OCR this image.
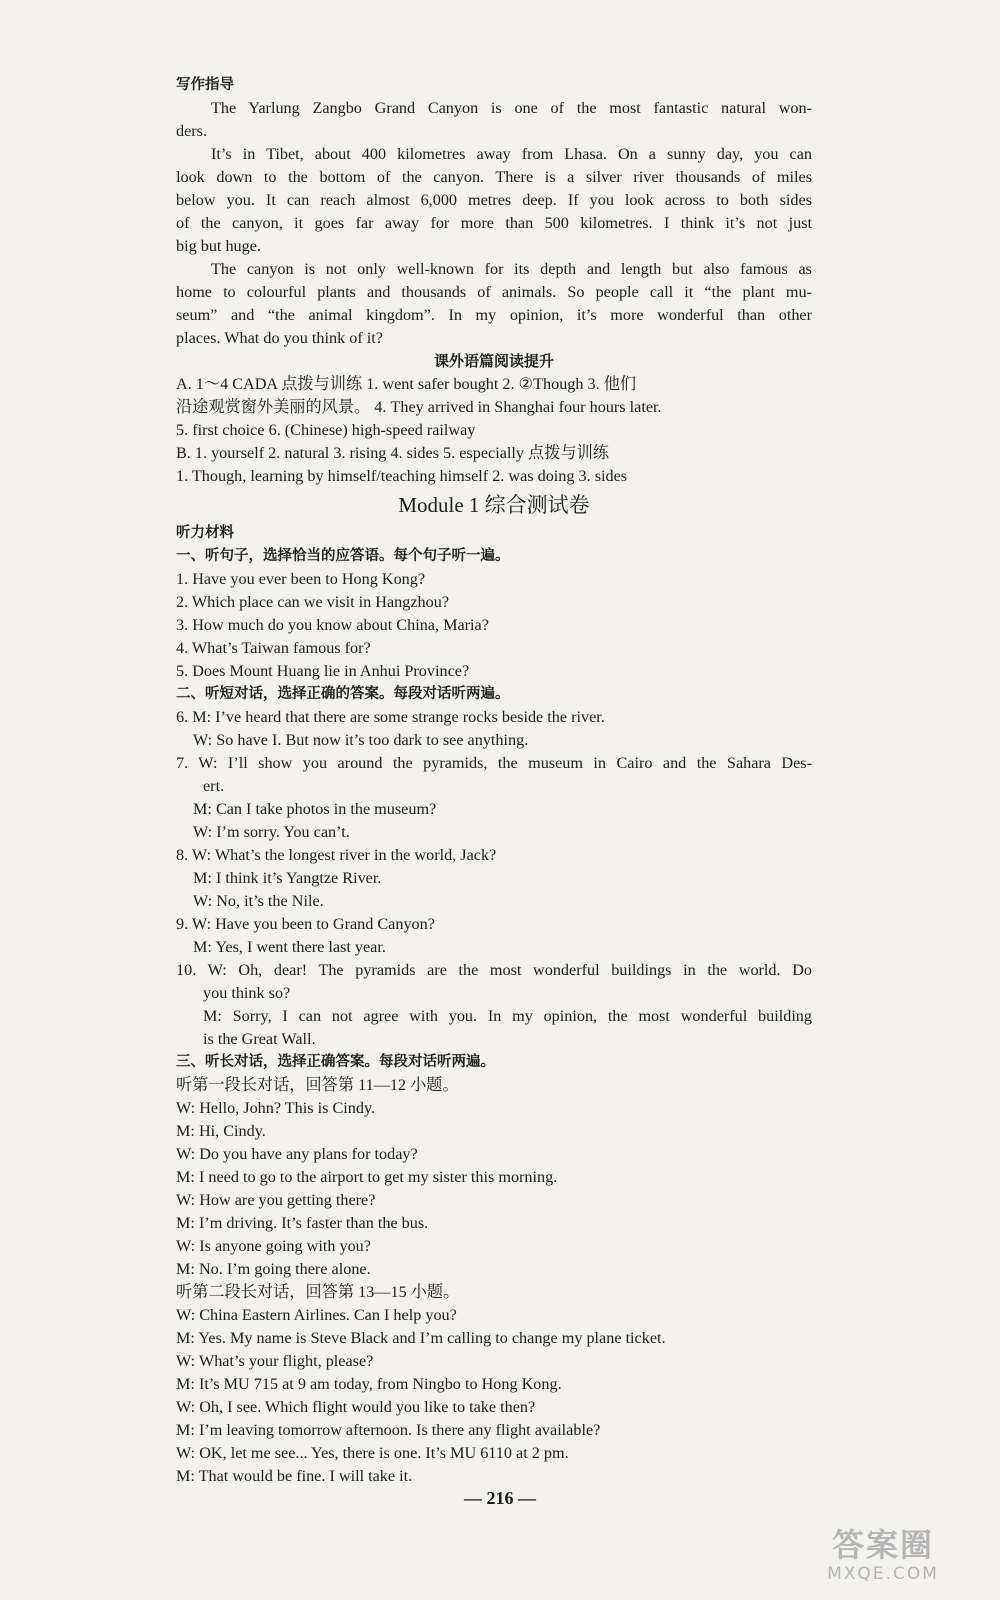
写作指导
The Yarlung Zangbo Grand Canyon is one of the most fantastic natural won-
ders.
It’s in Tibet, about 400 kilometres away from Lhasa. On a sunny day, you can
look down to the bottom of the canyon. There is a silver river thousands of miles
below you. It can reach almost 6,000 metres deep. If you look across to both sides
of the canyon, it goes far away for more than 500 kilometres. I think it’s not just
big but huge.
The canyon is not only well-known for its depth and length but also famous as
home to colourful plants and thousands of animals. So people call it “the plant mu-
seum” and “the animal kingdom”. In my opinion, it’s more wonderful than other
places. What do you think of it?
课外语篇阅读提升
A. 1～4 CADA 点拨与训练 1. went safer bought 2. ②Though 3. 他们
沿途观赏窗外美丽的风景。 4. They arrived in Shanghai four hours later.
5. first choice 6. (Chinese) high-speed railway
B. 1. yourself 2. natural 3. rising 4. sides 5. especially 点拨与训练
1. Though, learning by himself/teaching himself 2. was doing 3. sides
Module 1 综合测试卷
听力材料
一、听句子，选择恰当的应答语。每个句子听一遍。
1. Have you ever been to Hong Kong?
2. Which place can we visit in Hangzhou?
3. How much do you know about China, Maria?
4. What’s Taiwan famous for?
5. Does Mount Huang lie in Anhui Province?
二、听短对话，选择正确的答案。每段对话听两遍。
6. M: I’ve heard that there are some strange rocks beside the river.
W: So have I. But now it’s too dark to see anything.
7. W: I’ll show you around the pyramids, the museum in Cairo and the Sahara Des-
ert.
M: Can I take photos in the museum?
W: I’m sorry. You can’t.
8. W: What’s the longest river in the world, Jack?
M: I think it’s Yangtze River.
W: No, it’s the Nile.
9. W: Have you been to Grand Canyon?
M: Yes, I went there last year.
10. W: Oh, dear! The pyramids are the most wonderful buildings in the world. Do
you think so?
M: Sorry, I can not agree with you. In my opinion, the most wonderful building
is the Great Wall.
三、听长对话，选择正确答案。每段对话听两遍。
听第一段长对话，回答第 11—12 小题。
W: Hello, John? This is Cindy.
M: Hi, Cindy.
W: Do you have any plans for today?
M: I need to go to the airport to get my sister this morning.
W: How are you getting there?
M: I’m driving. It’s faster than the bus.
W: Is anyone going with you?
M: No. I’m going there alone.
听第二段长对话，回答第 13—15 小题。
W: China Eastern Airlines. Can I help you?
M: Yes. My name is Steve Black and I’m calling to change my plane ticket.
W: What’s your flight, please?
M: It’s MU 715 at 9 am today, from Ningbo to Hong Kong.
W: Oh, I see. Which flight would you like to take then?
M: I’m leaving tomorrow afternoon. Is there any flight available?
W: OK, let me see... Yes, there is one. It’s MU 6110 at 2 pm.
M: That would be fine. I will take it.
— 216 —
答案圈
MXQE.COM
